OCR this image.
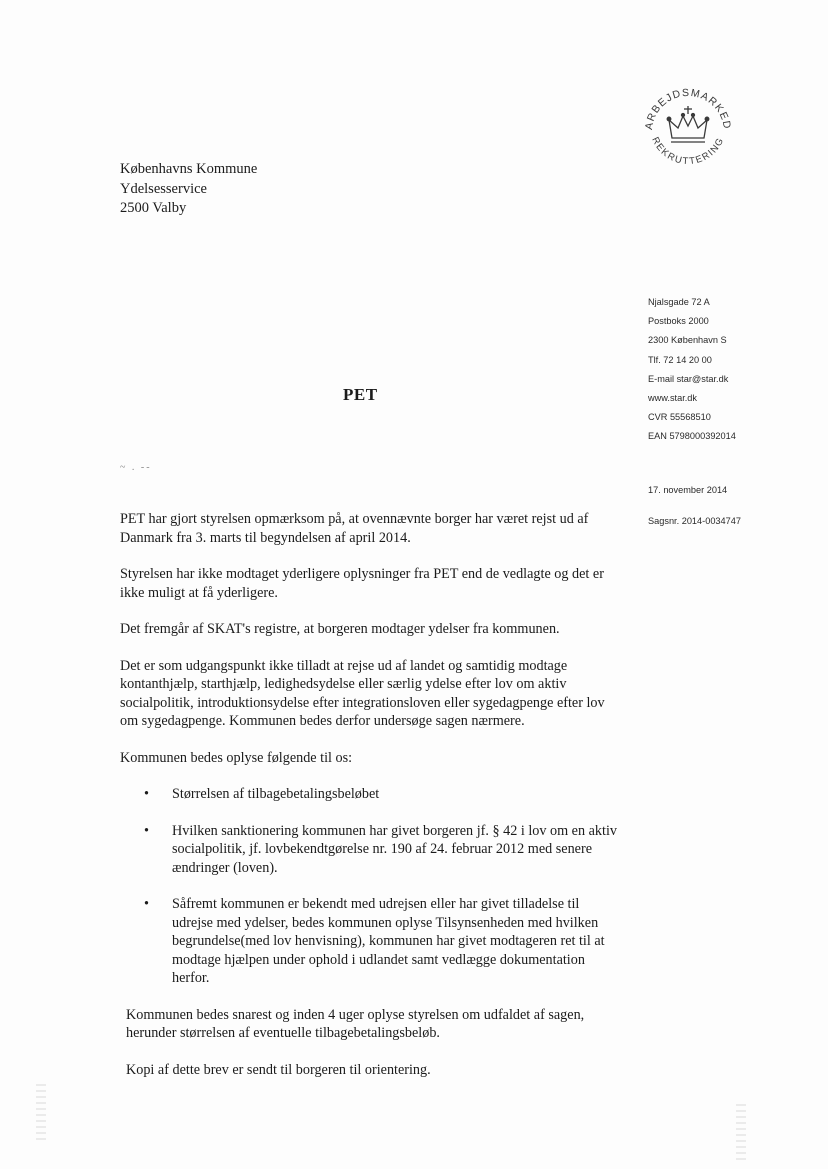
ARBEJDSMARKED
REKRUTTERING
Københavns Kommune
Ydelsesservice
2500 Valby
Njalsgade 72 A
Postboks 2000
2300 København S
Tlf. 72 14 20 00
E-mail star@star.dk
www.star.dk
CVR 55568510
EAN 5798000392014
17. november 2014
Sagsnr. 2014-0034747
PET
~ . --

PET har gjort styrelsen opmærksom på, at ovennævnte borger har været rejst ud af Danmark fra 3. marts til begyndelsen af april 2014.

Styrelsen har ikke modtaget yderligere oplysninger fra PET end de vedlagte og det er ikke muligt at få yderligere.

Det fremgår af SKAT's registre, at borgeren modtager ydelser fra kommunen.

Det er som udgangspunkt ikke tilladt at rejse ud af landet og samtidig modtage kontanthjælp, starthjælp, ledighedsydelse eller særlig ydelse efter lov om aktiv socialpolitik, introduktionsydelse efter integrationsloven eller sygedagpenge efter lov om sygedagpenge. Kommunen bedes derfor undersøge sagen nærmere.

Kommunen bedes oplyse følgende til os:

• Størrelsen af tilbagebetalingsbeløbet
• Hvilken sanktionering kommunen har givet borgeren jf. § 42 i lov om en aktiv socialpolitik, jf. lovbekendtgørelse nr. 190 af 24. februar 2012 med senere ændringer (loven).
• Såfremt kommunen er bekendt med udrejsen eller har givet tilladelse til udrejse med ydelser, bedes kommunen oplyse Tilsynsenheden med hvilken begrundelse(med lov henvisning), kommunen har givet modtageren ret til at modtage hjælpen under ophold i udlandet samt vedlægge dokumentation herfor.

Kommunen bedes snarest og inden 4 uger oplyse styrelsen om udfaldet af sagen, herunder størrelsen af eventuelle tilbagebetalingsbeløb.

Kopi af dette brev er sendt til borgeren til orientering.
